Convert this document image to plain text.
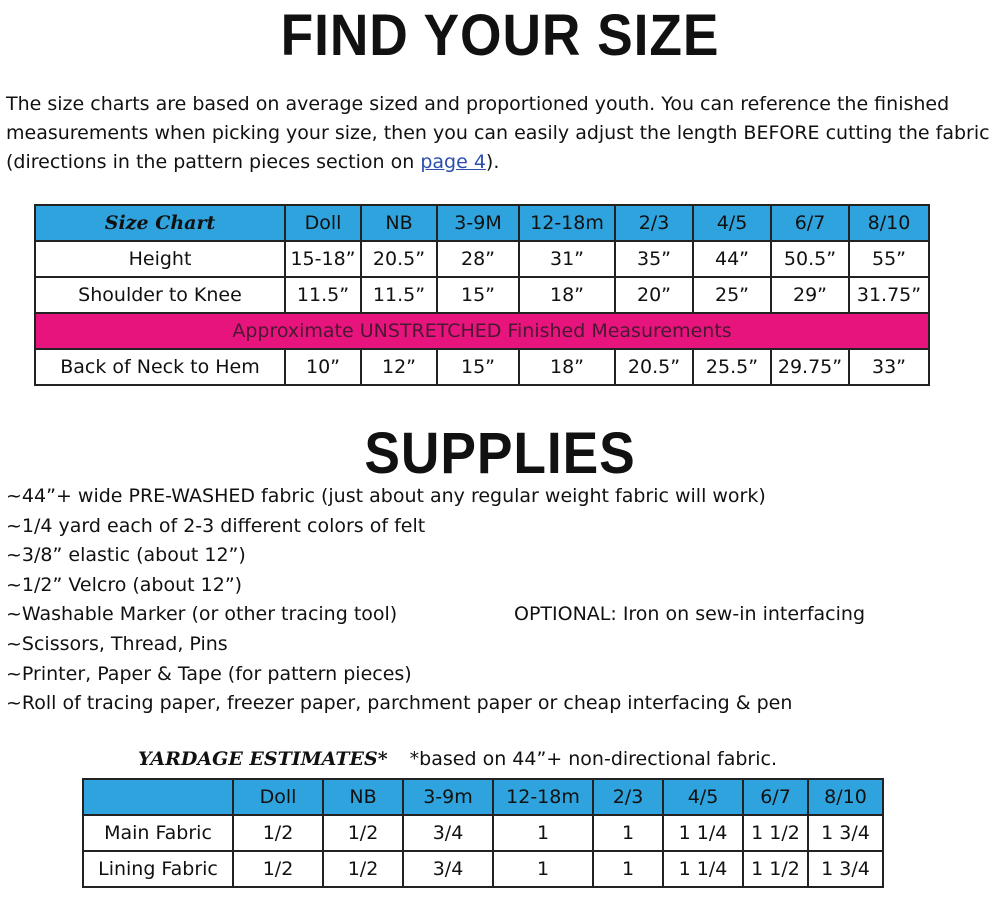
FIND YOUR SIZE
The size charts are based on average sized and proportioned youth. You can reference the finished measurements when picking your size, then you can easily adjust the length BEFORE cutting the fabric (directions in the pattern pieces section on page 4).
Size Chart	Doll	NB	3-9M	12-18m	2/3	4/5	6/7	8/10
Height	15-18”	20.5”	28”	31”	35”	44”	50.5”	55”
Shoulder to Knee	11.5”	11.5”	15”	18”	20”	25”	29”	31.75”
Approximate UNSTRETCHED Finished Measurements								
Back of Neck to Hem	10”	12”	15”	18”	20.5”	25.5”	29.75”	33”
SUPPLIES
~44”+ wide PRE-WASHED fabric (just about any regular weight fabric will work)
~1/4 yard each of 2-3 different colors of felt
~3/8” elastic (about 12”)
~1/2” Velcro (about 12”)
~Washable Marker (or other tracing tool)	OPTIONAL: Iron on sew-in interfacing
~Scissors, Thread, Pins
~Printer, Paper & Tape (for pattern pieces)
~Roll of tracing paper, freezer paper, parchment paper or cheap interfacing & pen
YARDAGE ESTIMATES* *based on 44”+ non-directional fabric.
	Doll	NB	3-9m	12-18m	2/3	4/5	6/7	8/10
Main Fabric	1/2	1/2	3/4	1	1	1 1/4	1 1/2	1 3/4
Lining Fabric	1/2	1/2	3/4	1	1	1 1/4	1 1/2	1 3/4
